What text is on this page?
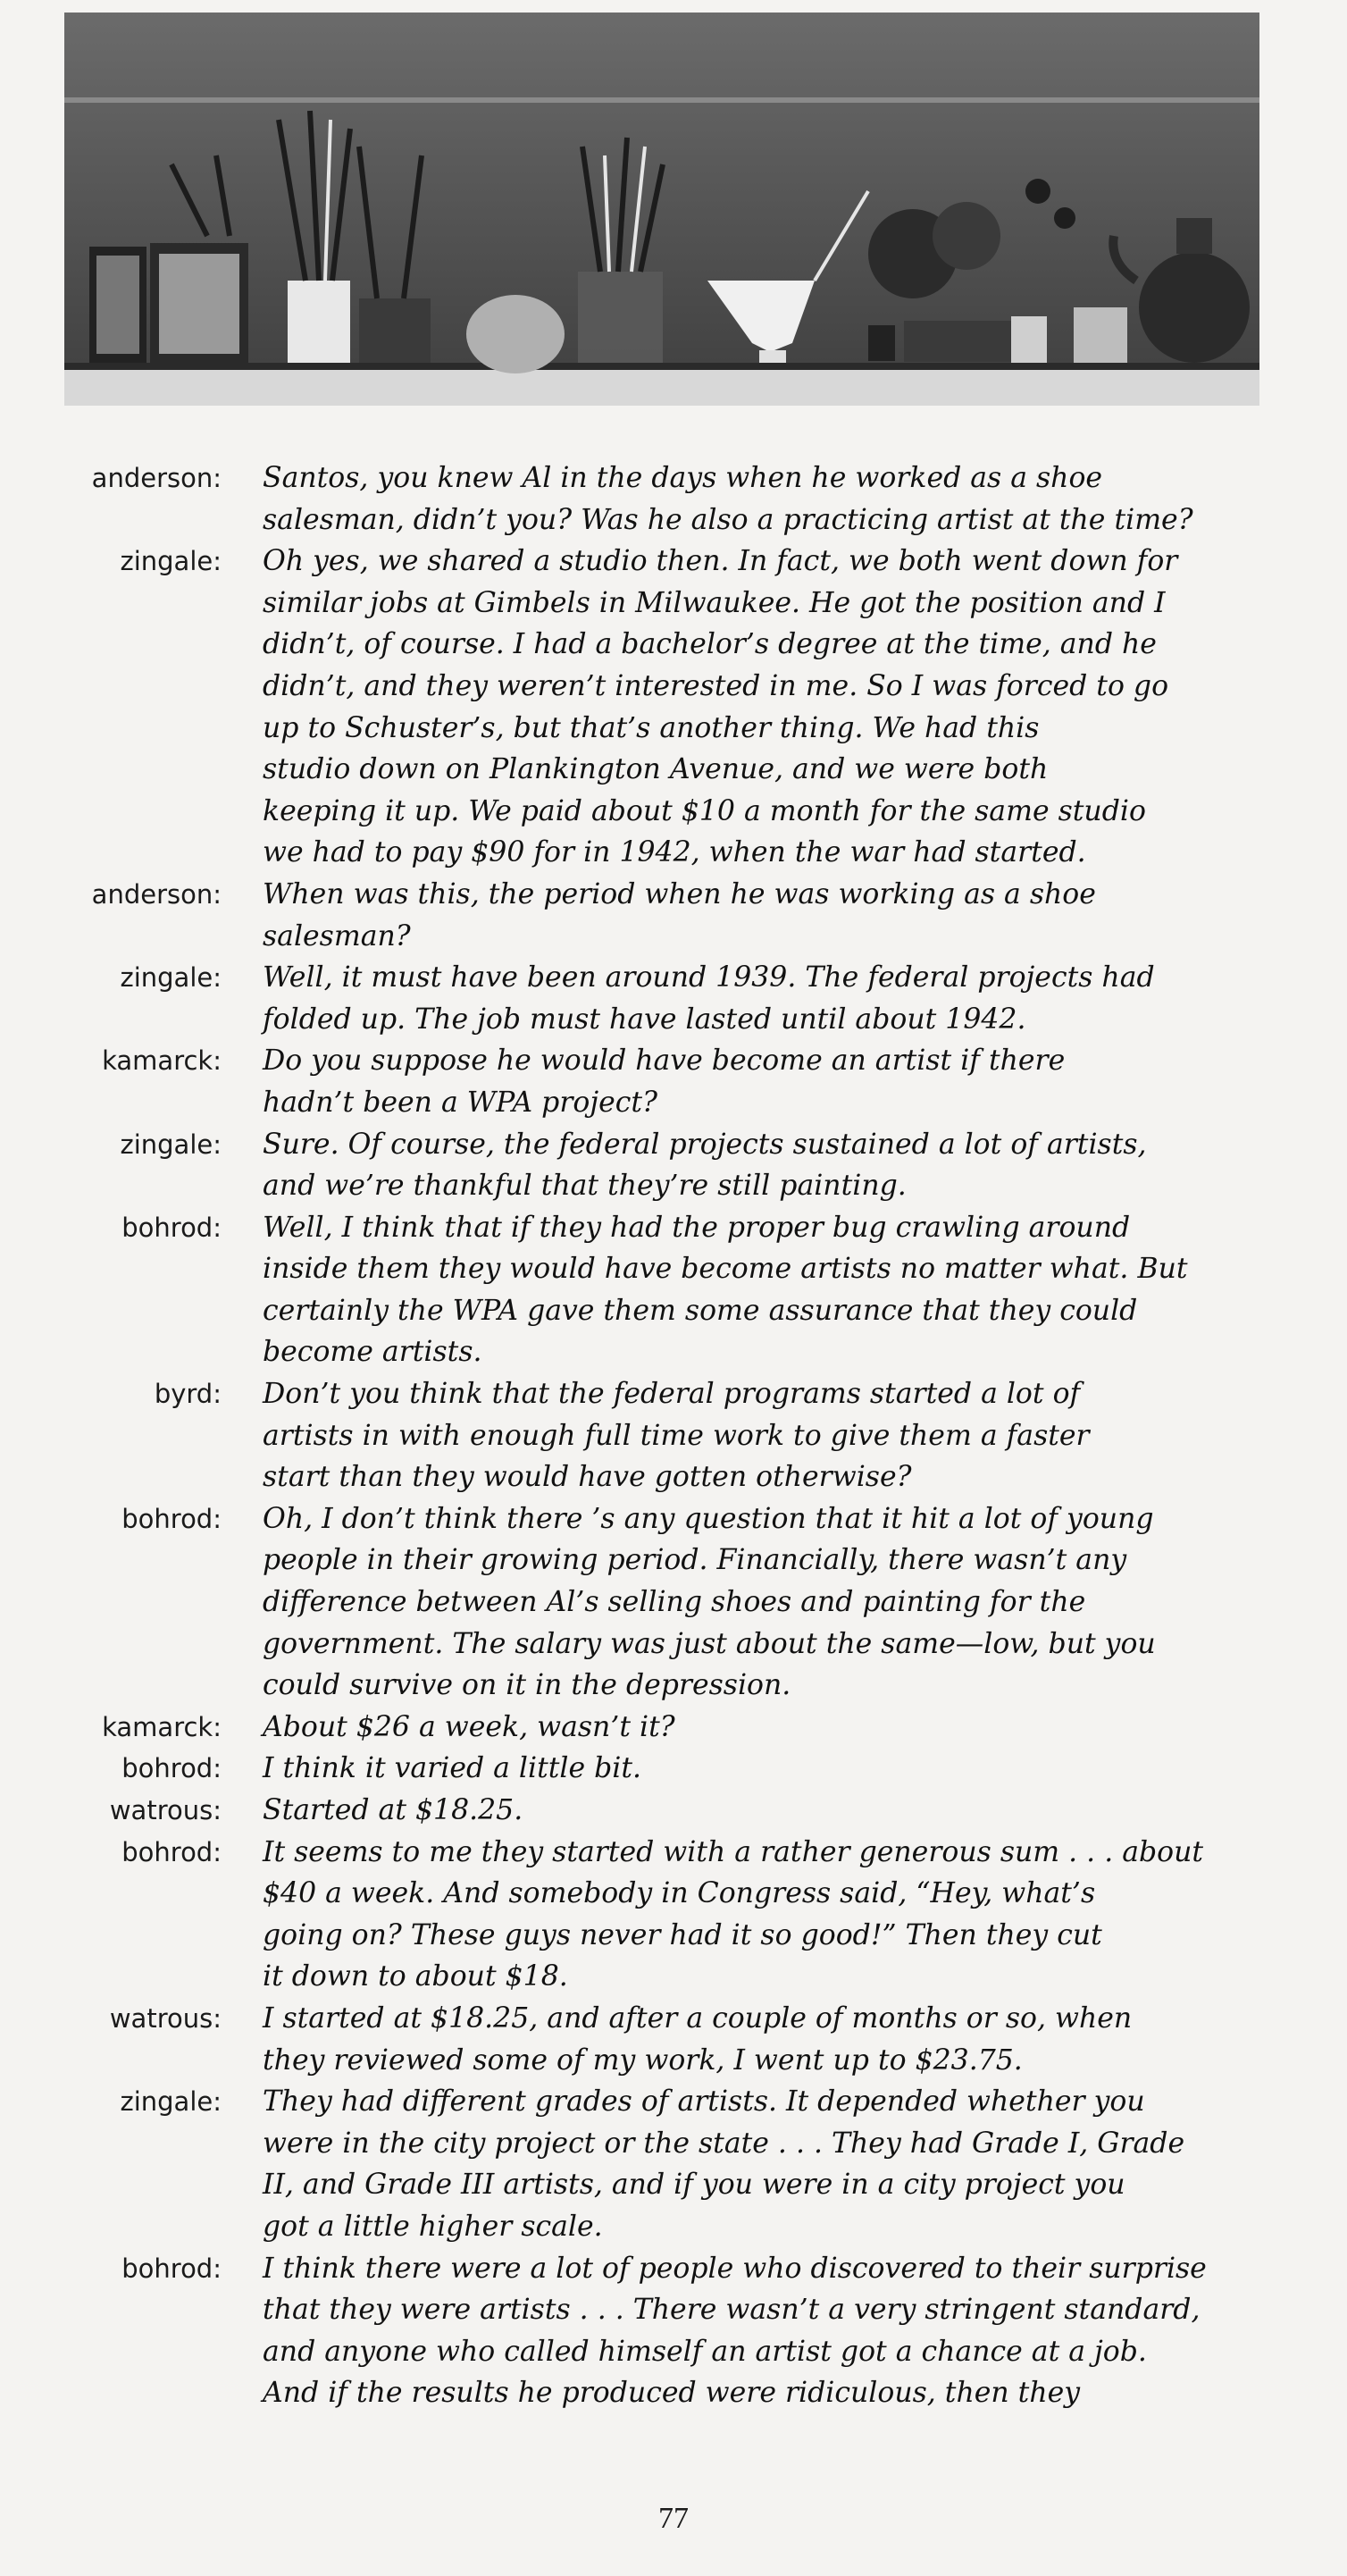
anderson:	Santos, you knew Al in the days when he worked as a shoe
salesman, didn’t you? Was he also a practicing artist at the time?
zingale:	Oh yes, we shared a studio then. In fact, we both went down for
similar jobs at Gimbels in Milwaukee. He got the position and I
didn’t, of course. I had a bachelor’s degree at the time, and he
didn’t, and they weren’t interested in me. So I was forced to go
up to Schuster’s, but that’s another thing. We had this
studio down on Plankington Avenue, and we were both
keeping it up. We paid about $10 a month for the same studio
we had to pay $90 for in 1942, when the war had started.
anderson:	When was this, the period when he was working as a shoe
salesman?
zingale:	Well, it must have been around 1939. The federal projects had
folded up. The job must have lasted until about 1942.
kamarck:	Do you suppose he would have become an artist if there
hadn’t been a WPA project?
zingale:	Sure. Of course, the federal projects sustained a lot of artists,
and we’re thankful that they’re still painting.
bohrod:	Well, I think that if they had the proper bug crawling around
inside them they would have become artists no matter what. But
certainly the WPA gave them some assurance that they could
become artists.
byrd:	Don’t you think that the federal programs started a lot of
artists in with enough full time work to give them a faster
start than they would have gotten otherwise?
bohrod:	Oh, I don’t think there ’s any question that it hit a lot of young
people in their growing period. Financially, there wasn’t any
difference between Al’s selling shoes and painting for the
government. The salary was just about the same—low, but you
could survive on it in the depression.
kamarck:	About $26 a week, wasn’t it?
bohrod:	I think it varied a little bit.
watrous:	Started at $18.25.
bohrod:	It seems to me they started with a rather generous sum . . . about
$40 a week. And somebody in Congress said, “Hey, what’s
going on? These guys never had it so good!” Then they cut
it down to about $18.
watrous:	I started at $18.25, and after a couple of months or so, when
they reviewed some of my work, I went up to $23.75.
zingale:	They had different grades of artists. It depended whether you
were in the city project or the state . . . They had Grade I, Grade
II, and Grade III artists, and if you were in a city project you
got a little higher scale.
bohrod:	I think there were a lot of people who discovered to their surprise
that they were artists . . . There wasn’t a very stringent standard,
and anyone who called himself an artist got a chance at a job.
And if the results he produced were ridiculous, then they
77
